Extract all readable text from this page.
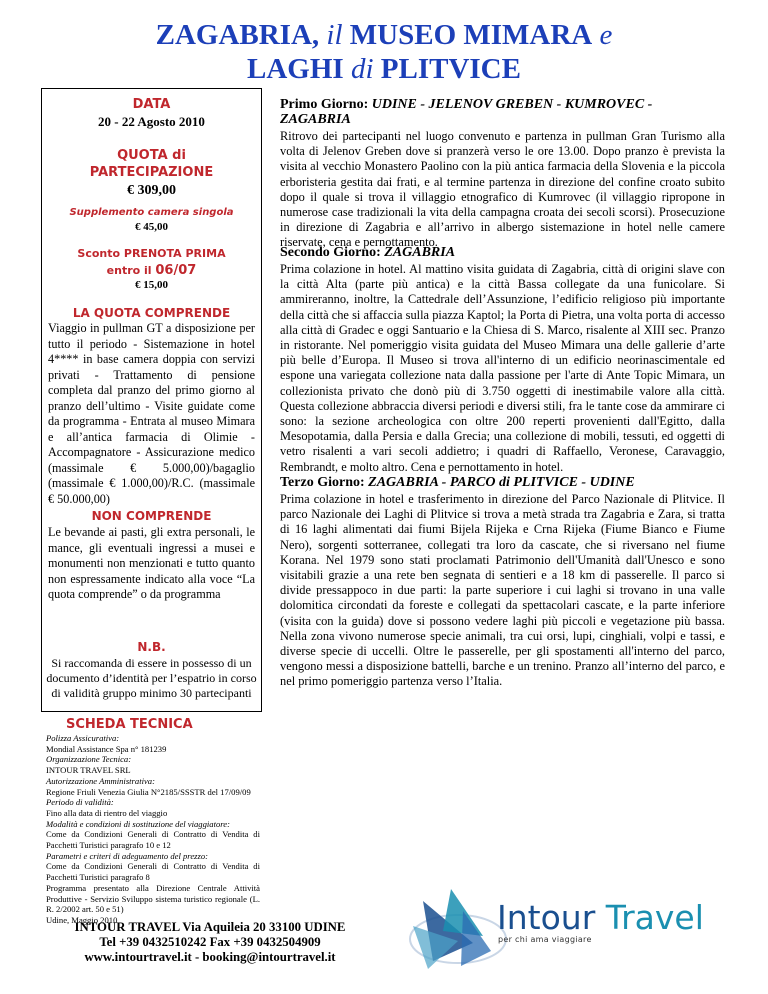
ZAGABRIA, il MUSEO MIMARA e
LAGHI di PLITVICE
DATA
20 - 22 Agosto 2010
QUOTA di
PARTECIPAZIONE
€ 309,00
Supplemento camera singola
€ 45,00
Sconto PRENOTA PRIMA
entro il 06/07
€ 15,00
LA QUOTA COMPRENDE
Viaggio in pullman GT a disposizione per tutto il periodo - Sistemazione in hotel 4**** in base camera doppia con servizi privati - Trattamento di pensione completa dal pranzo del primo giorno al pranzo dell’ultimo - Visite guidate come da programma - Entrata al museo Mimara e all’antica farmacia di Olimie - Accompagnatore - Assicurazione medico (massimale € 5.000,00)/bagaglio (massimale € 1.000,00)/R.C. (massimale € 50.000,00)
NON COMPRENDE
Le bevande ai pasti, gli extra personali, le mance, gli eventuali ingressi a musei e monumenti non menzionati e tutto quanto non espressamente indicato alla voce “La quota comprende” o da programma
N.B.
Si raccomanda di essere in possesso di un documento d’identità per l’espatrio in corso di validità gruppo minimo 30 partecipanti
SCHEDA TECNICA
Polizza Assicurativa:
Mondial Assistance Spa n° 181239
Organizzazione Tecnica:
INTOUR TRAVEL SRL
Autorizzazione Amministrativa:
Regione Friuli Venezia Giulia N°2185/SSSTR del 17/09/09
Periodo di validità:
Fino alla data di rientro del viaggio
Modalità e condizioni di sostituzione del viaggiatore:
Come da Condizioni Generali di Contratto di Vendita di Pacchetti Turistici paragrafo 10 e 12
Parametri e criteri di adeguamento del prezzo:
Come da Condizioni Generali di Contratto di Vendita di Pacchetti Turistici paragrafo 8
Programma presentato alla Direzione Centrale Attività Produttive - Servizio Sviluppo sistema turistico regionale (L. R. 2/2002 art. 50 e 51)
Udine, Maggio 2010
INTOUR TRAVEL Via Aquileia 20 33100 UDINE
Tel +39 0432510242 Fax +39 0432504909
www.intourtravel.it - booking@intourtravel.it
Primo Giorno: UDINE - JELENOV GREBEN - KUMROVEC - ZAGABRIA
Ritrovo dei partecipanti nel luogo convenuto e partenza in pullman Gran Turismo alla volta di Jelenov Greben dove si pranzerà verso le ore 13.00. Dopo pranzo è prevista la visita al vecchio Monastero Paolino con la più antica farmacia della Slovenia e la piccola erboristeria gestita dai frati, e al termine partenza in direzione del confine croato subito dopo il quale si trova il villaggio etnografico di Kumrovec (il villaggio ripropone in numerose case tradizionali la vita della campagna croata dei secoli scorsi). Prosecuzione in direzione di Zagabria e all’arrivo in albergo sistemazione in hotel nelle camere riservate, cena e pernottamento.
Secondo Giorno: ZAGABRIA
Prima colazione in hotel. Al mattino visita guidata di Zagabria, città di origini slave con la città Alta (parte più antica) e la città Bassa collegate da una funicolare. Si ammireranno, inoltre, la Cattedrale dell’Assunzione, l’edificio religioso più importante della città che si affaccia sulla piazza Kaptol; la Porta di Pietra, una volta porta di accesso alla città di Gradec e oggi Santuario e la Chiesa di S. Marco, risalente al XIII sec. Pranzo in ristorante. Nel pomeriggio visita guidata del Museo Mimara una delle gallerie d’arte più belle d’Europa. Il Museo si trova all'interno di un edificio neorinascimentale ed espone una variegata collezione nata dalla passione per l'arte di Ante Topic Mimara, un collezionista privato che donò più di 3.750 oggetti di inestimabile valore alla città. Questa collezione abbraccia diversi periodi e diversi stili, fra le tante cose da ammirare ci sono: la sezione archeologica con oltre 200 reperti provenienti dall'Egitto, dalla Mesopotamia, dalla Persia e dalla Grecia; una collezione di mobili, tessuti, ed oggetti di vetro risalenti a vari secoli addietro; i quadri di Raffaello, Veronese, Caravaggio, Rembrandt, e molto altro. Cena e pernottamento in hotel.
Terzo Giorno: ZAGABRIA - PARCO di PLITVICE - UDINE
Prima colazione in hotel e trasferimento in direzione del Parco Nazionale di Plitvice. Il parco Nazionale dei Laghi di Plitvice si trova a metà strada tra Zagabria e Zara, si tratta di 16 laghi alimentati dai fiumi Bijela Rijeka e Crna Rijeka (Fiume Bianco e Fiume Nero), sorgenti sotterranee, collegati tra loro da cascate, che si riversano nel fiume Korana. Nel 1979 sono stati proclamati Patrimonio dell'Umanità dall'Unesco e sono visitabili grazie a una rete ben segnata di sentieri e a 18 km di passerelle. Il parco si divide pressappoco in due parti: la parte superiore i cui laghi si trovano in una valle dolomitica circondati da foreste e collegati da spettacolari cascate, e la parte inferiore (visita con la guida) dove si possono vedere laghi più piccoli e vegetazione più bassa. Nella zona vivono numerose specie animali, tra cui orsi, lupi, cinghiali, volpi e tassi, e diverse specie di uccelli. Oltre le passerelle, per gli spostamenti all'interno del parco, vengono messi a disposizione battelli, barche e un trenino. Pranzo all’interno del parco, e nel primo pomeriggio partenza verso l’Italia.
Intour Travel
per chi ama viaggiare
